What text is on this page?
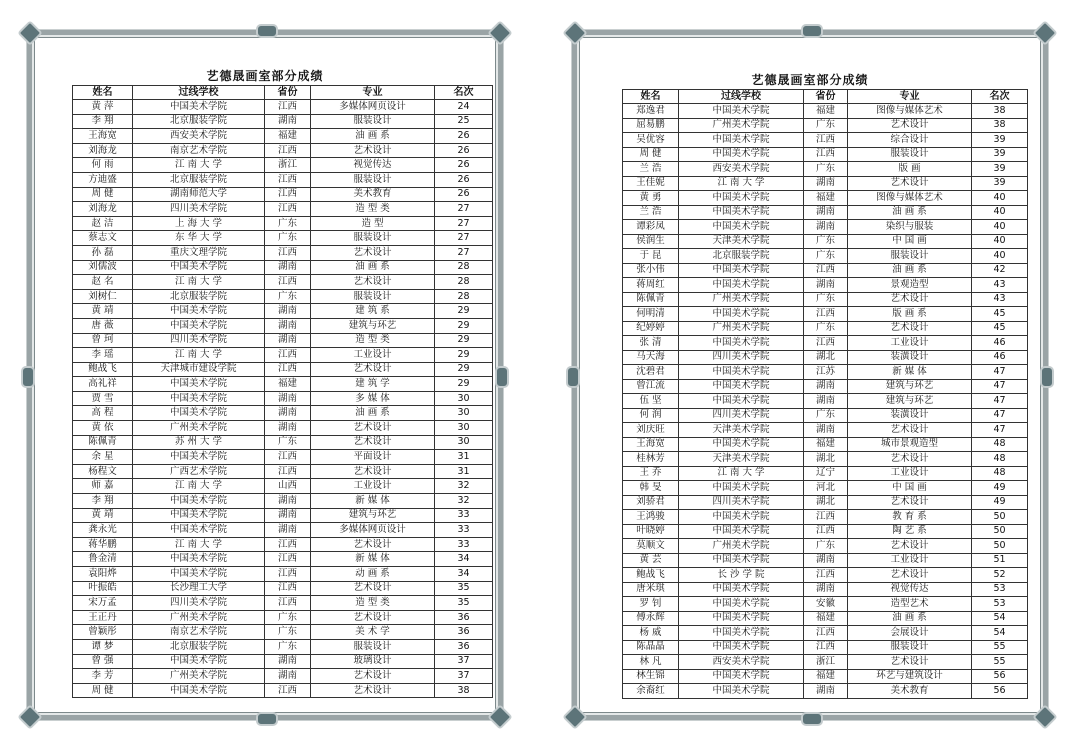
艺德晟画室部分成绩
姓名	过线学校	省份	专业	名次
黄 萍	中国美术学院	江西	多媒体网页设计	24
李 翔	北京服装学院	湖南	服装设计	25
王海宽	西安美术学院	福建	油 画 系	26
刘海龙	南京艺术学院	江西	艺术设计	26
何 雨	江 南 大 学	浙江	视觉传达	26
方迪盛	北京服装学院	江西	服装设计	26
周 健	湖南师范大学	江西	美术教育	26
刘海龙	四川美术学院	江西	造 型 类	27
赵 洁	上 海 大 学	广东	造 型	27
蔡志文	东 华 大 学	广东	服装设计	27
孙 磊	重庆文理学院	江西	艺术设计	27
刘儒波	中国美术学院	湖南	油 画 系	28
赵 名	江 南 大 学	江西	艺术设计	28
刘树仁	北京服装学院	广东	服装设计	28
黄 靖	中国美术学院	湖南	建 筑 系	29
唐 薇	中国美术学院	湖南	建筑与环艺	29
曾 珂	四川美术学院	湖南	造 型 类	29
李 瑶	江 南 大 学	江西	工业设计	29
鲍战飞	天津城市建设学院	江西	艺术设计	29
高礼祥	中国美术学院	福建	建 筑 学	29
贾 雪	中国美术学院	湖南	多 媒 体	30
高 程	中国美术学院	湖南	油 画 系	30
黄 依	广州美术学院	湖南	艺术设计	30
陈佩青	苏 州 大 学	广东	艺术设计	30
余 星	中国美术学院	江西	平面设计	31
杨程文	广西艺术学院	江西	艺术设计	31
师 嘉	江 南 大 学	山西	工业设计	32
李 翔	中国美术学院	湖南	新 媒 体	32
黄 靖	中国美术学院	湖南	建筑与环艺	33
龚永光	中国美术学院	湖南	多媒体网页设计	33
蒋华鹏	江 南 大 学	江西	艺术设计	33
鲁金清	中国美术学院	江西	新 媒 体	34
袁阳烨	中国美术学院	江西	动 画 系	34
叶振皓	长沙理工大学	江西	艺术设计	35
宋万孟	四川美术学院	江西	造 型 类	35
王正丹	广州美术学院	广东	艺术设计	36
曾颖彤	南京艺术学院	广东	美 术 学	36
谭 梦	北京服装学院	广东	服装设计	36
曾 强	中国美术学院	湖南	玻璃设计	37
李 芳	广州美术学院	湖南	艺术设计	37
周 健	中国美术学院	江西	艺术设计	38
艺德晟画室部分成绩
姓名	过线学校	省份	专业	名次
郑逸君	中国美术学院	福建	图像与媒体艺术	38
屈易鹏	广州美术学院	广东	艺术设计	38
吴优容	中国美术学院	江西	综合设计	39
周 健	中国美术学院	江西	服装设计	39
兰 浩	西安美术学院	广东	版 画	39
王佳妮	江 南 大 学	湖南	艺术设计	39
黄 勇	中国美术学院	福建	图像与媒体艺术	40
兰 浩	中国美术学院	湖南	油 画 系	40
谭彩凤	中国美术学院	湖南	染织与服装	40
侯润生	天津美术学院	广东	中 国 画	40
于 昆	北京服装学院	广东	服装设计	40
张小伟	中国美术学院	江西	油 画 系	42
蒋周红	中国美术学院	湖南	景观造型	43
陈佩青	广州美术学院	广东	艺术设计	43
何明清	中国美术学院	江西	版 画 系	45
纪婷婷	广州美术学院	广东	艺术设计	45
张 清	中国美术学院	江西	工业设计	46
马天海	四川美术学院	湖北	装潢设计	46
沈碧君	中国美术学院	江苏	新 媒 体	47
曾江流	中国美术学院	湖南	建筑与环艺	47
伍 坚	中国美术学院	湖南	建筑与环艺	47
何 润	四川美术学院	广东	装潢设计	47
刘庆旺	天津美术学院	湖南	艺术设计	47
王海宽	中国美术学院	福建	城市景观造型	48
桂林芳	天津美术学院	湖北	艺术设计	48
王 乔	江 南 大 学	辽宁	工业设计	48
韩 旻	中国美术学院	河北	中 国 画	49
刘骄君	四川美术学院	湖北	艺术设计	49
王鸿骏	中国美术学院	江西	教 育 系	50
叶晓婷	中国美术学院	江西	陶 艺 系	50
莫顺文	广州美术学院	广东	艺术设计	50
黄 芸	中国美术学院	湖南	工业设计	51
鲍战飞	长 沙 学 院	江西	艺术设计	52
唐米琪	中国美术学院	湖南	视觉传达	53
罗 钊	中国美术学院	安徽	造型艺术	53
傅永辉	中国美术学院	福建	油 画 系	54
杨 威	中国美术学院	江西	会展设计	54
陈晶晶	中国美术学院	江西	服装设计	55
林 凡	西安美术学院	浙江	艺术设计	55
林生锦	中国美术学院	福建	环艺与建筑设计	56
余裔红	中国美术学院	湖南	美术教育	56
